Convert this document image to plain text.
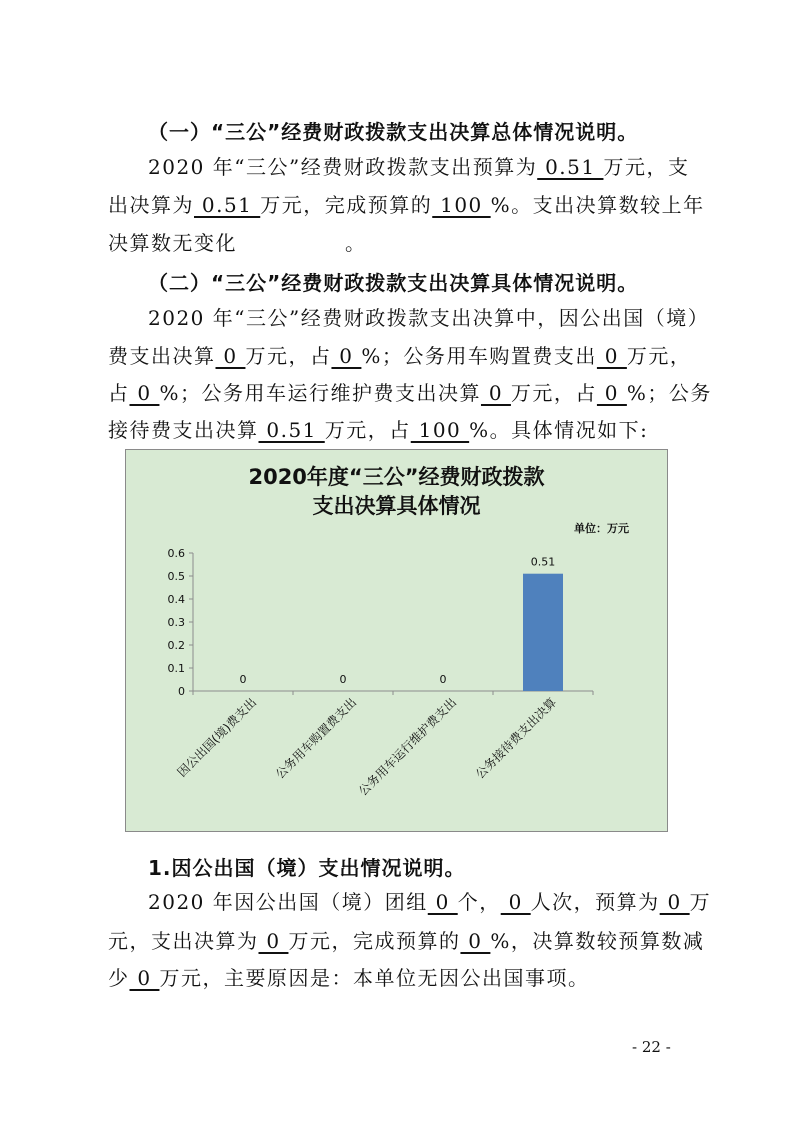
（一）“三公”经费财政拨款支出决算总体情况说明。
2020 年“三公”经费财政拨款支出预算为 0.51 万元，支
出决算为 0.51 万元，完成预算的 100 %。支出决算数较上年
决算数无变化	。
（二）“三公”经费财政拨款支出决算具体情况说明。
2020 年“三公”经费财政拨款支出决算中，因公出国（境）
费支出决算 0 万元，占 0 %；公务用车购置费支出 0 万元，
占 0 %；公务用车运行维护费支出决算 0 万元，占 0 %；公务
接待费支出决算 0.51 万元，占 100 %。具体情况如下:
2020年度“三公”经费财政拨款
支出决算具体情况
单位：万元
0
0.1
0.2
0.3
0.4
0.5
0.6
因公出国(境)费支出 公务用车购置费支出
公务用车运行维护费支出 公务接待费支出决算
0	0	0
0.51
1.因公出国（境）支出情况说明。
2020 年因公出国（境）团组 0 个， 0 人次，预算为 0 万
元，支出决算为 0 万元，完成预算的 0 %，决算数较预算数减
少 0 万元，主要原因是：本单位无因公出国事项。
- 22 -
